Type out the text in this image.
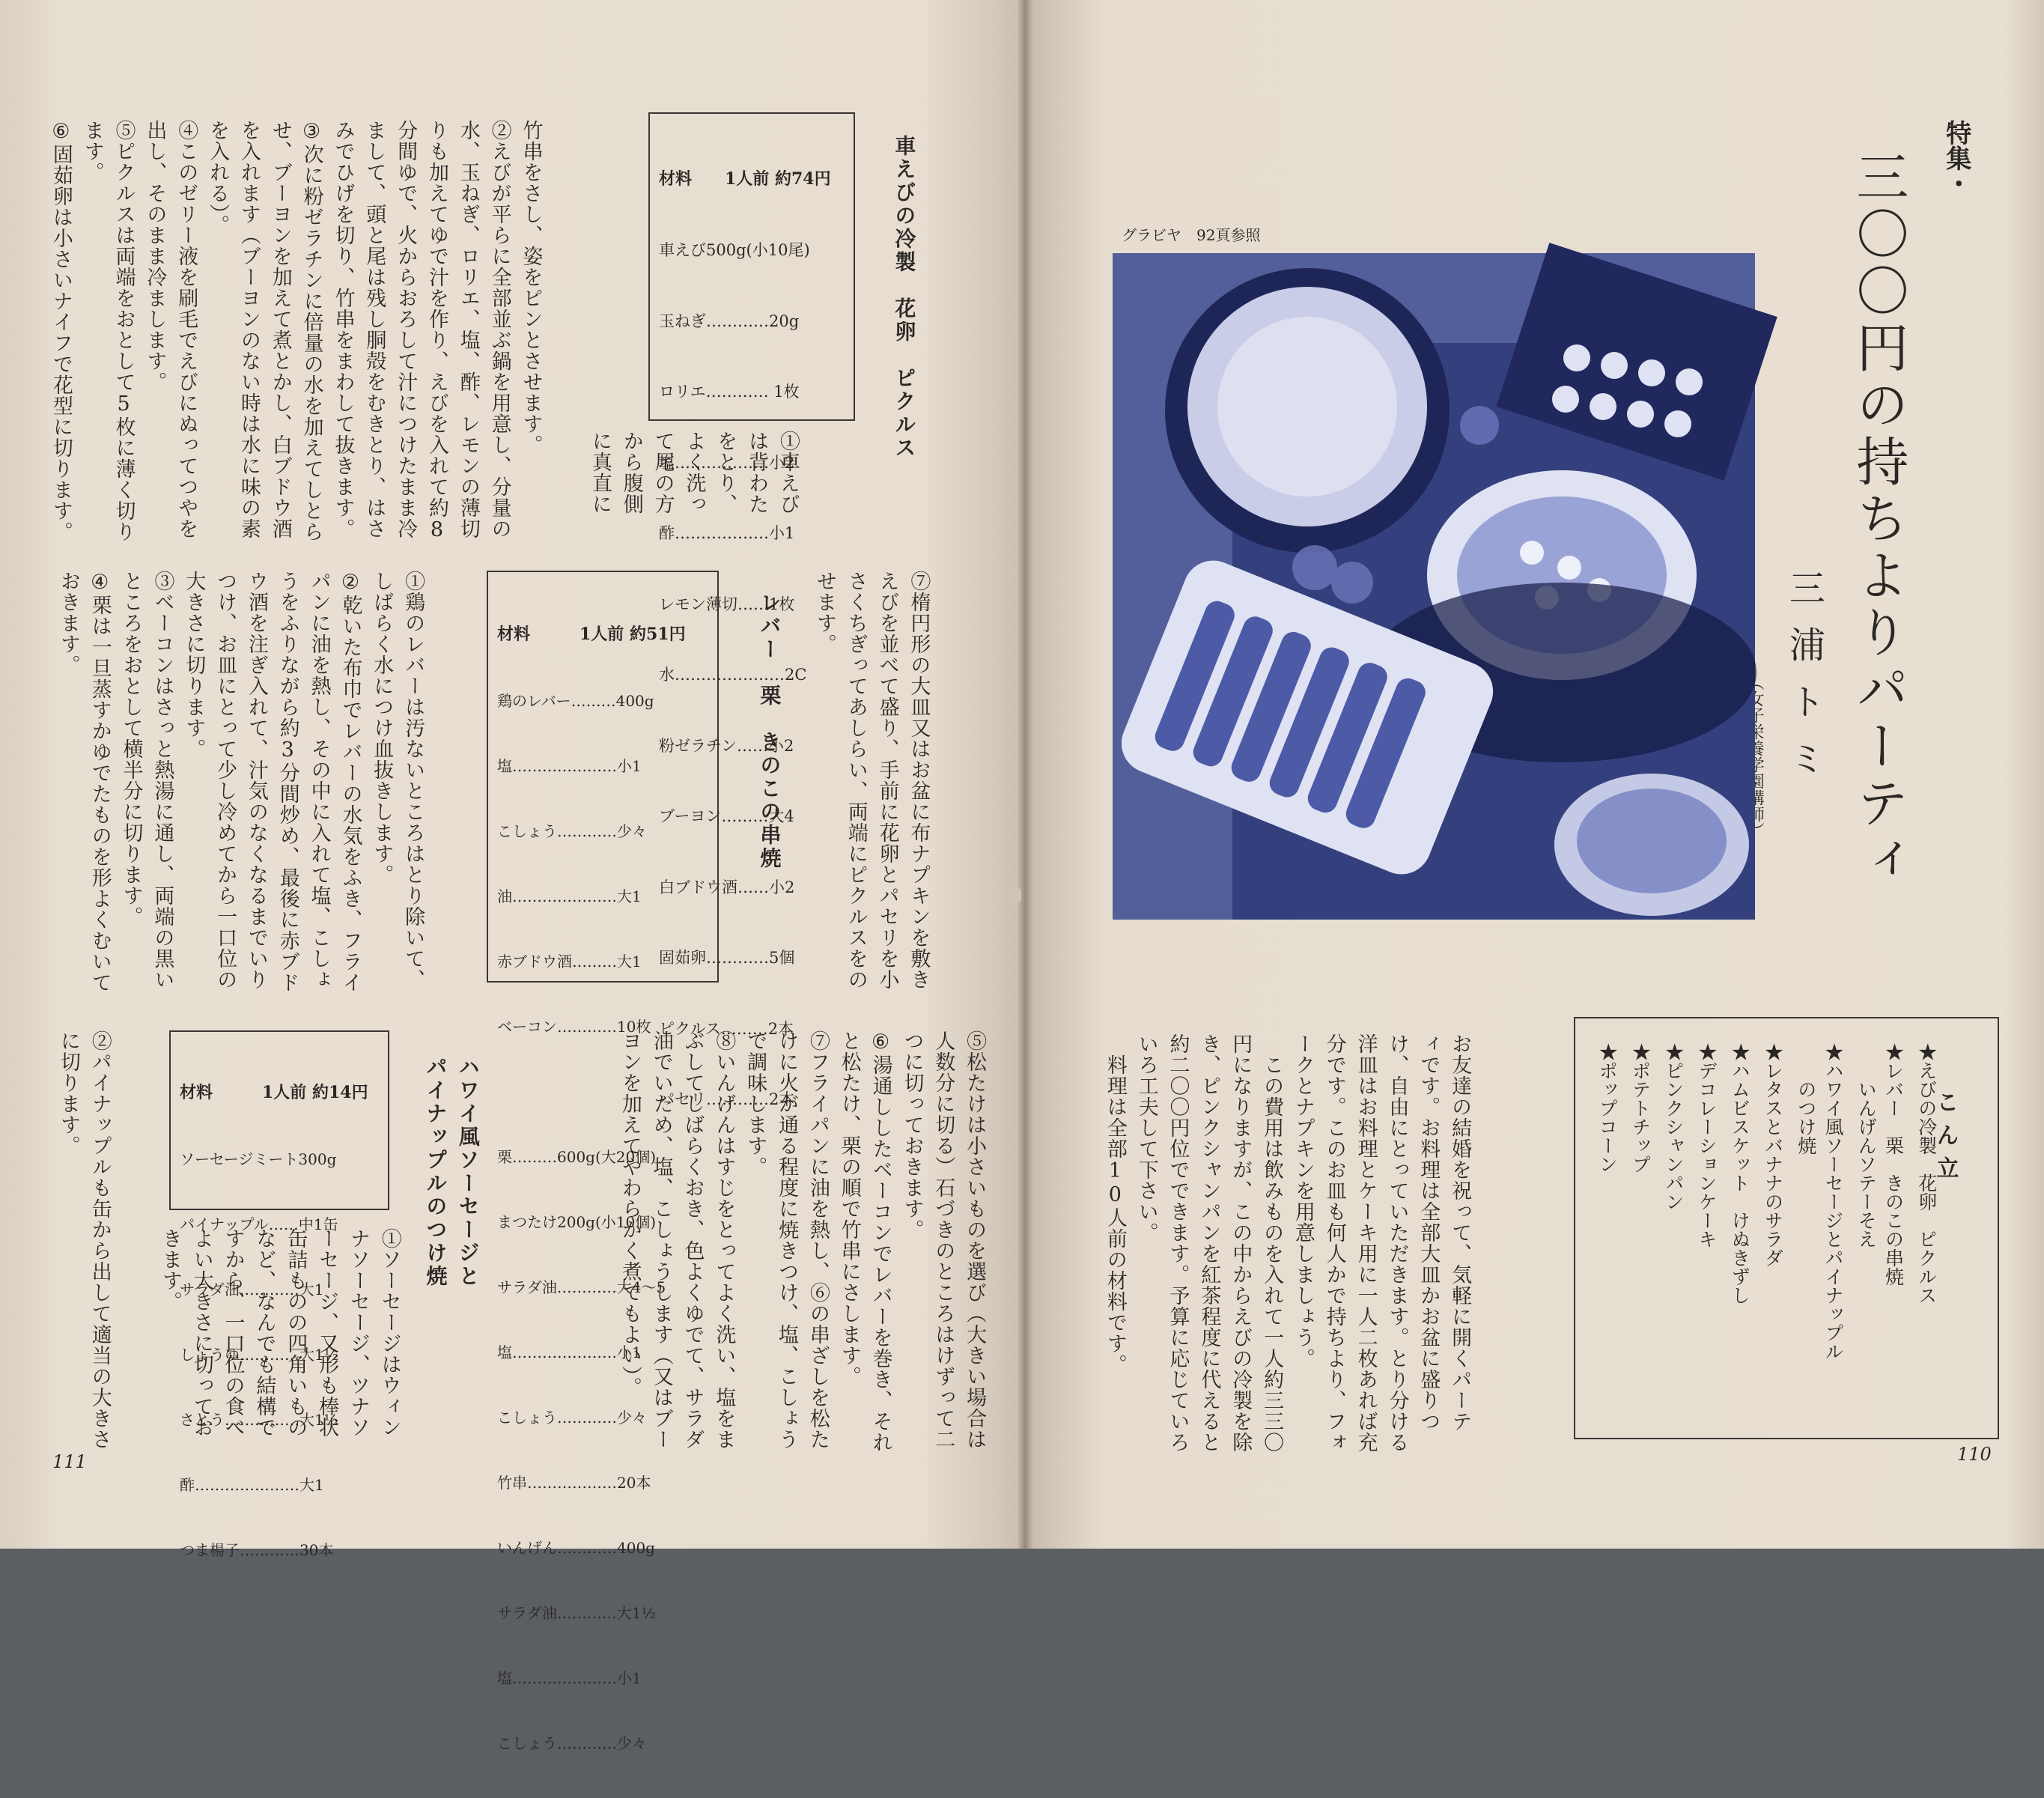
車えびの冷製　花卵　ピクルス
①車えび
は背わた
をとり、
よく洗っ
て尾の方
から腹側
に真直に

材料　　1人前 約74円

車えび500g(小10尾)

玉ねぎ…………20g

ロリエ………… 1枚

塩………………小2

酢………………小1

レモン薄切……1枚

水…………………2C

粉ゼラチン……小2

ブーヨン………大4

白ブドウ酒……小2

固茹卵…………5個

ピクルス………2本

パセリ…………2本

竹串をさし、姿をピンとさせます。
②えびが平らに全部並ぶ鍋を用意し、分量の
水、玉ねぎ、ロリエ、塩、酢、レモンの薄切
りも加えてゆで汁を作り、えびを入れて約8
分間ゆで、火からおろして汁につけたまま冷
まして、頭と尾は残し胴殻をむきとり、はさ
みでひげを切り、竹串をまわして抜きます。
③次に粉ゼラチンに倍量の水を加えてしとら
せ、ブーヨンを加えて煮とかし、白ブドウ酒
を入れます（ブーヨンのない時は水に味の素
を入れる）。
④このゼリー液を刷毛でえびにぬってつやを
出し、そのまま冷まします。
⑤ピクルスは両端をおとして5枚に薄く切り
ます。
⑥固茹卵は小さいナイフで花型に切ります。
⑦楕円形の大皿又はお盆に布ナプキンを敷き
えびを並べて盛り、手前に花卵とパセリを小
さくちぎってあしらい、両端にピクルスをの
せます。
レバー　栗　きのこの串焼

材料　　　1人前 約51円

鶏のレバー………400g

塩…………………小1

こしょう…………少々

油…………………大1

赤ブドウ酒………大1

ベーコン…………10枚

栗………600g(大20個)

まつたけ200g(小10個)

サラダ油…………大4〜5

塩…………………小1

こしょう…………少々

竹串………………20本

いんげん…………400g

サラダ油…………大1½

塩…………………小1

こしょう…………少々

①鶏のレバーは汚ないところはとり除いて、
しばらく水につけ血抜きします。
②乾いた布巾でレバーの水気をふき、フライ
パンに油を熱し、その中に入れて塩、こしょ
うをふりながら約3分間炒め、最後に赤ブド
ウ酒を注ぎ入れて、汁気のなくなるまでいり
つけ、お皿にとって少し冷めてから一口位の
大きさに切ります。
③ベーコンはさっと熱湯に通し、両端の黒い
ところをおとして横半分に切ります。
④栗は一旦蒸すかゆでたものを形よくむいて
おきます。
⑤松たけは小さいものを選び（大きい場合は
人数分に切る）石づきのところはけずって二
つに切っておきます。
⑥湯通ししたベーコンでレバーを巻き、それ
と松たけ、栗の順で竹串にさします。
⑦フライパンに油を熱し、⑥の串ざしを松た
けに火が通る程度に焼きつけ、塩、こしょう
で調味します。
⑧いんげんはすじをとってよく洗い、塩をま
ぶしてしばらくおき、色よくゆでて、サラダ
油でいため、塩、こしょうします（又はブー
ヨンを加えてやわらかく煮てもよい）。
ハワイ風ソーセージと
パイナップルのつけ焼

材料　　　1人前 約14円

ソーセージミート300g

パイナップル……中1缶

サラダ油…………大1

しょうゆ…………大1½

さとう……………大1½

酢…………………大1

つま楊子…………30本

①ソーセージはウィン
ナソーセージ、ツナソ
ーセージ、又形も棒状
缶詰ものの四角いもの
など、なんでも結構で
すから、一口位の食べ
よい大きさに切ってお
きます。
②パイナップルも缶から出して適当の大きさ
に切ります。
111
特集・
三〇〇円の持ちよりパーティ
三浦トミ
グラビヤ　92頁参照
お友達の結婚を祝って、気軽に開くパーテ
ィです。お料理は全部大皿かお盆に盛りつ
け、自由にとっていただきます。とり分ける
洋皿はお料理とケーキ用に一人二枚あれば充
分です。このお皿も何人かで持ちより、フォ
ークとナプキンを用意しましょう。
　この費用は飲みものを入れて一人約三三〇
円になりますが、この中からえびの冷製を除
き、ピンクシャンパンを紅茶程度に代えると
約二〇〇円位でできます。予算に応じていろ
いろ工夫して下さい。
　料理は全部10人前の材料です。	こん立
★えびの冷製　花卵　ピクルス
★レバー　栗　きのこの串焼
　　いんげんソテーそえ
★ハワイ風ソーセージとパイナップル
　　のつけ焼
★レタスとバナナのサラダ
★ハムビスケット　けぬきずし
★デコレーションケーキ
★ピンクシャンパン
★ポテトチップ
★ポップコーン
110
